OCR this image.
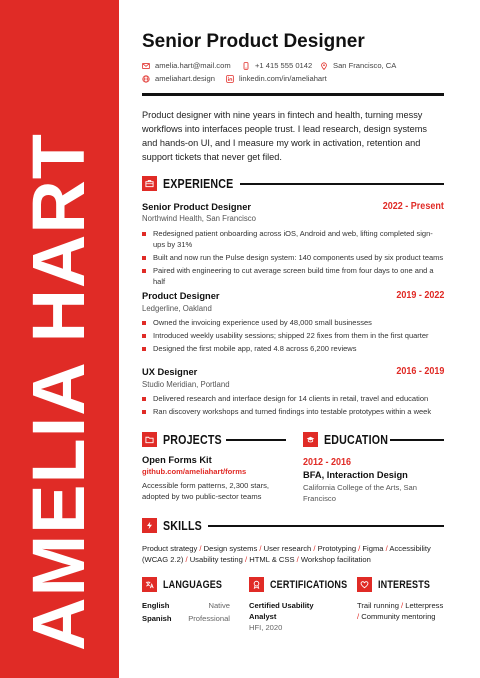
AMELIA HART
Senior Product Designer
amelia.hart@mail.com	+1 415 555 0142	San Francisco, CA
ameliahart.design	linkedin.com/in/ameliahart
Product designer with nine years in fintech and health, turning messy workflows into interfaces people trust. I lead research, design systems and hands-on UI, and I measure my work in activation, retention and support tickets that never get filed.
EXPERIENCE
Senior Product Designer	2022 - Present
Northwind Health, San Francisco
Redesigned patient onboarding across iOS, Android and web, lifting completed sign-ups by 31%
Built and now run the Pulse design system: 140 components used by six product teams
Paired with engineering to cut average screen build time from four days to one and a half
Product Designer	2019 - 2022
Ledgerline, Oakland
Owned the invoicing experience used by 48,000 small businesses
Introduced weekly usability sessions; shipped 22 fixes from them in the first quarter
Designed the first mobile app, rated 4.8 across 6,200 reviews
UX Designer	2016 - 2019
Studio Meridian, Portland
Delivered research and interface design for 14 clients in retail, travel and education
Ran discovery workshops and turned findings into testable prototypes within a week
PROJECTS
Open Forms Kit
github.com/ameliahart/forms
Accessible form patterns, 2,300 stars, adopted by two public-sector teams
EDUCATION
2012 - 2016
BFA, Interaction Design
California College of the Arts, San Francisco
SKILLS
Product strategy / Design systems / User research / Prototyping / Figma / Accessibility (WCAG 2.2) / Usability testing / HTML & CSS / Workshop facilitation
LANGUAGES
English	Native
Spanish Professional
CERTIFICATIONS
Certified Usability Analyst
HFI, 2020
INTERESTS
Trail running / Letterpress / Community mentoring
